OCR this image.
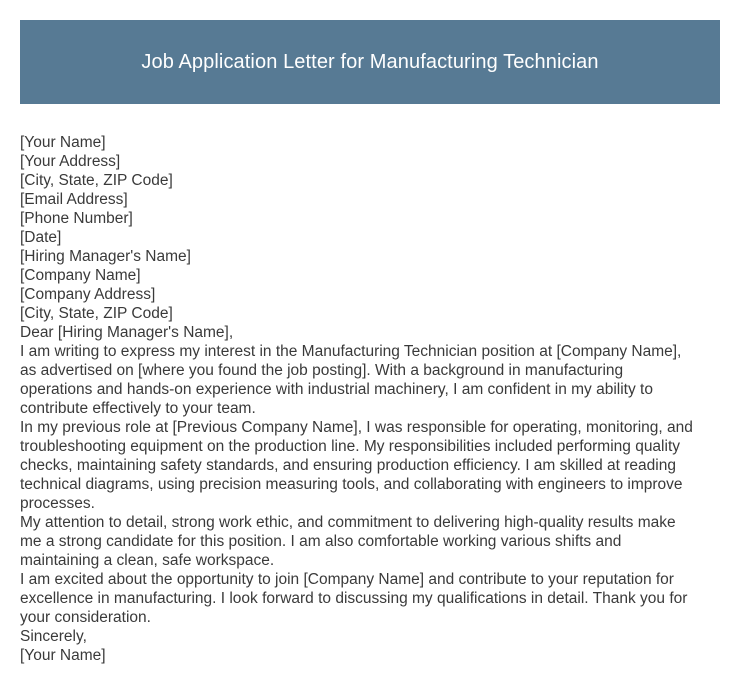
Job Application Letter for Manufacturing Technician

[Your Name]

[Your Address]

[City, State, ZIP Code]

[Email Address]

[Phone Number]

[Date]

[Hiring Manager's Name]

[Company Name]

[Company Address]

[City, State, ZIP Code]

Dear [Hiring Manager's Name],

I am writing to express my interest in the Manufacturing Technician position at [Company Name],

as advertised on [where you found the job posting]. With a background in manufacturing

operations and hands-on experience with industrial machinery, I am confident in my ability to

contribute effectively to your team.

In my previous role at [Previous Company Name], I was responsible for operating, monitoring, and

troubleshooting equipment on the production line. My responsibilities included performing quality

checks, maintaining safety standards, and ensuring production efficiency. I am skilled at reading

technical diagrams, using precision measuring tools, and collaborating with engineers to improve

processes.

My attention to detail, strong work ethic, and commitment to delivering high-quality results make

me a strong candidate for this position. I am also comfortable working various shifts and

maintaining a clean, safe workspace.

I am excited about the opportunity to join [Company Name] and contribute to your reputation for

excellence in manufacturing. I look forward to discussing my qualifications in detail. Thank you for

your consideration.

Sincerely,

[Your Name]
